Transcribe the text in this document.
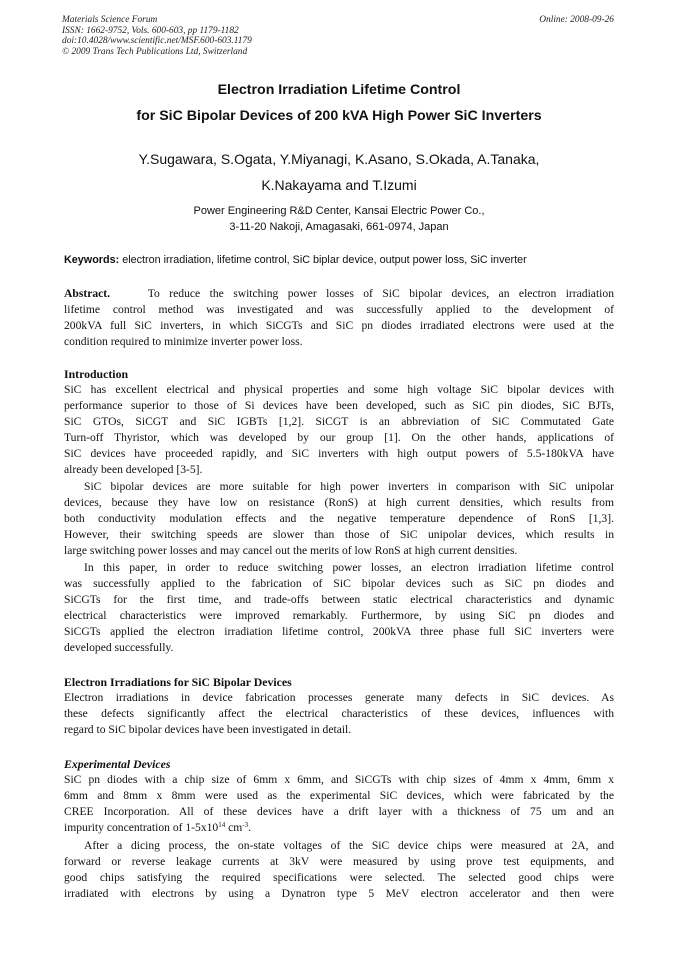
Materials Science Forum
ISSN: 1662-9752, Vols. 600-603, pp 1179-1182
doi:10.4028/www.scientific.net/MSF.600-603.1179
© 2009 Trans Tech Publications Ltd, Switzerland
Online: 2008-09-26
Electron Irradiation Lifetime Control
for SiC Bipolar Devices of 200 kVA High Power SiC Inverters
Y.Sugawara, S.Ogata, Y.Miyanagi, K.Asano, S.Okada, A.Tanaka,
K.Nakayama and T.Izumi
Power Engineering R&D Center, Kansai Electric Power Co.,
3-11-20 Nakoji, Amagasaki, 661-0974, Japan
Keywords: electron irradiation, lifetime control, SiC biplar device, output power loss, SiC inverter
Abstract.	To reduce the switching power losses of SiC bipolar devices, an electron irradiation
lifetime control method was investigated and was successfully applied to the development of
200kVA full SiC inverters, in which SiCGTs and SiC pn diodes irradiated electrons were used at the
condition required to minimize inverter power loss.
Introduction
SiC has excellent electrical and physical properties and some high voltage SiC bipolar devices with
performance superior to those of Si devices have been developed, such as SiC pin diodes, SiC BJTs,
SiC GTOs, SiCGT and SiC IGBTs [1,2]. SiCGT is an abbreviation of SiC Commutated Gate
Turn-off Thyristor, which was developed by our group [1]. On the other hands, applications of
SiC devices have proceeded rapidly, and SiC inverters with high output powers of 5.5-180kVA have
already been developed [3-5].
SiC bipolar devices are more suitable for high power inverters in comparison with SiC unipolar
devices, because they have low on resistance (RonS) at high current densities, which results from
both conductivity modulation effects and the negative temperature dependence of RonS [1,3].
However, their switching speeds are slower than those of SiC unipolar devices, which results in
large switching power losses and may cancel out the merits of low RonS at high current densities.
In this paper, in order to reduce switching power losses, an electron irradiation lifetime control
was successfully applied to the fabrication of SiC bipolar devices such as SiC pn diodes and
SiCGTs for the first time, and trade-offs between static electrical characteristics and dynamic
electrical characteristics were improved remarkably. Furthermore, by using SiC pn diodes and
SiCGTs applied the electron irradiation lifetime control, 200kVA three phase full SiC inverters were
developed successfully.
Electron Irradiations for SiC Bipolar Devices
Electron irradiations in device fabrication processes generate many defects in SiC devices. As
these defects significantly affect the electrical characteristics of these devices, influences with
regard to SiC bipolar devices have been investigated in detail.
Experimental Devices
SiC pn diodes with a chip size of 6mm x 6mm, and SiCGTs with chip sizes of 4mm x 4mm, 6mm x
6mm and 8mm x 8mm were used as the experimental SiC devices, which were fabricated by the
CREE Incorporation. All of these devices have a drift layer with a thickness of 75 um and an
impurity concentration of $1-5x10^{14}$ $cm^{-3}$.
After a dicing process, the on-state voltages of the SiC device chips were measured at 2A, and
forward or reverse leakage currents at 3kV were measured by using prove test equipments, and
good chips satisfying the required specifications were selected. The selected good chips were
irradiated with electrons by using a Dynatron type 5 MeV electron accelerator and then were
